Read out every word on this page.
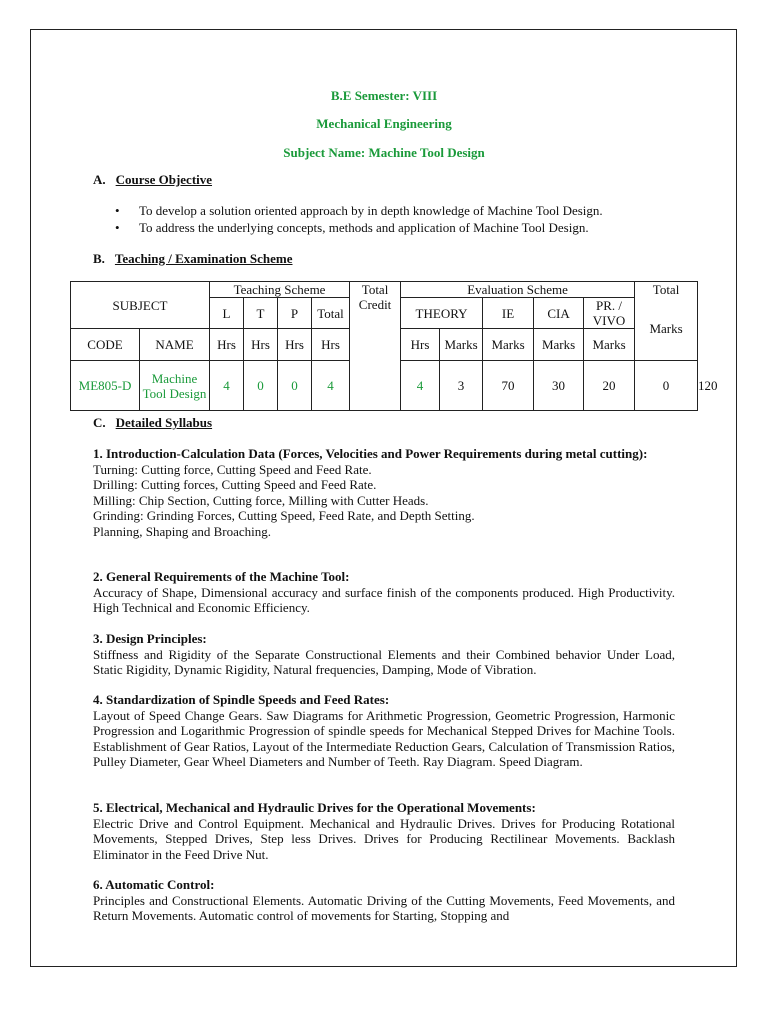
B.E Semester: VIII
Mechanical Engineering
Subject Name: Machine Tool Design
A. Course Objective
• To develop a solution oriented approach by in depth knowledge of Machine Tool Design.
• To address the underlying concepts, methods and application of Machine Tool Design.
B. Teaching / Examination Scheme
SUBJECT		Teaching Scheme				Total Credit	Evaluation Scheme					Total	
		L	T	P	Total		THEORY		IE	CIA	PR. / VIVO	Marks	
CODE	NAME	Hrs	Hrs	Hrs	Hrs		Hrs	Marks	Marks	Marks	Marks		
ME805-D	Machine Tool Design	4	0	0	4		4	3	70	30	20	0	120
C. Detailed Syllabus

1. Introduction-Calculation Data (Forces, Velocities and Power Requirements during metal cutting):

Turning: Cutting force, Cutting Speed and Feed Rate.

Drilling: Cutting forces, Cutting Speed and Feed Rate.

Milling: Chip Section, Cutting force, Milling with Cutter Heads.

Grinding: Grinding Forces, Cutting Speed, Feed Rate, and Depth Setting.

Planning, Shaping and Broaching.

2. General Requirements of the Machine Tool:

Accuracy of Shape, Dimensional accuracy and surface finish of the components produced. High Productivity. High Technical and Economic Efficiency.

3. Design Principles:

Stiffness and Rigidity of the Separate Constructional Elements and their Combined behavior Under Load, Static Rigidity, Dynamic Rigidity, Natural frequencies, Damping, Mode of Vibration.

4. Standardization of Spindle Speeds and Feed Rates:

Layout of Speed Change Gears. Saw Diagrams for Arithmetic Progression, Geometric Progression, Harmonic Progression and Logarithmic Progression of spindle speeds for Mechanical Stepped Drives for Machine Tools. Establishment of Gear Ratios, Layout of the Intermediate Reduction Gears, Calculation of Transmission Ratios, Pulley Diameter, Gear Wheel Diameters and Number of Teeth. Ray Diagram. Speed Diagram.

5. Electrical, Mechanical and Hydraulic Drives for the Operational Movements:

Electric Drive and Control Equipment. Mechanical and Hydraulic Drives. Drives for Producing Rotational Movements, Stepped Drives, Step less Drives. Drives for Producing Rectilinear Movements. Backlash Eliminator in the Feed Drive Nut.

6. Automatic Control:

Principles and Constructional Elements. Automatic Driving of the Cutting Movements, Feed Movements, and Return Movements. Automatic control of movements for Starting, Stopping and
